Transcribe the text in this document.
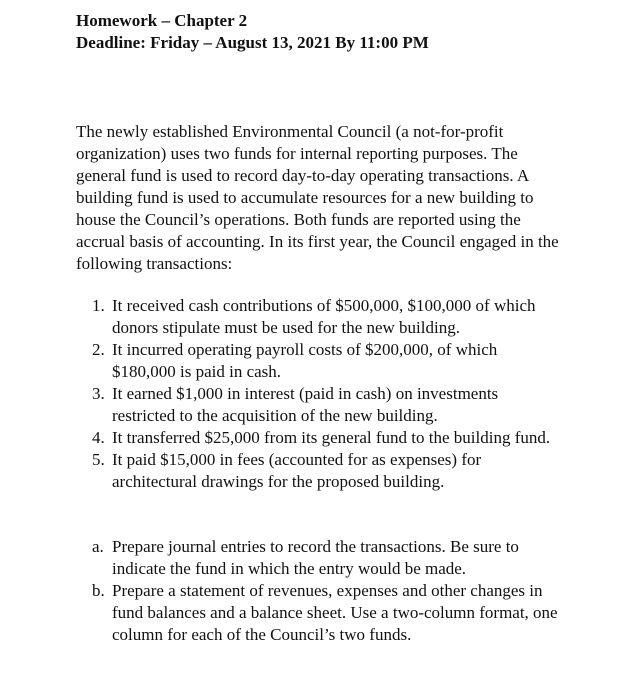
Homework – Chapter 2

Deadline: Friday – August 13, 2021 By 11:00 PM

The newly established Environmental Council (a not-for-profit organization) uses two funds for internal reporting purposes. The general fund is used to record day-to-day operating transactions. A building fund is used to accumulate resources for a new building to house the Council’s operations. Both funds are reported using the accrual basis of accounting. In its first year, the Council engaged in the following transactions:

1. It received cash contributions of $500,000, $100,000 of which donors stipulate must be used for the new building.
2. It incurred operating payroll costs of $200,000, of which $180,000 is paid in cash.
3. It earned $1,000 in interest (paid in cash) on investments restricted to the acquisition of the new building.
4. It transferred $25,000 from its general fund to the building fund.
5. It paid $15,000 in fees (accounted for as expenses) for architectural drawings for the proposed building.
a. Prepare journal entries to record the transactions. Be sure to indicate the fund in which the entry would be made.
b. Prepare a statement of revenues, expenses and other changes in fund balances and a balance sheet. Use a two-column format, one column for each of the Council’s two funds.
